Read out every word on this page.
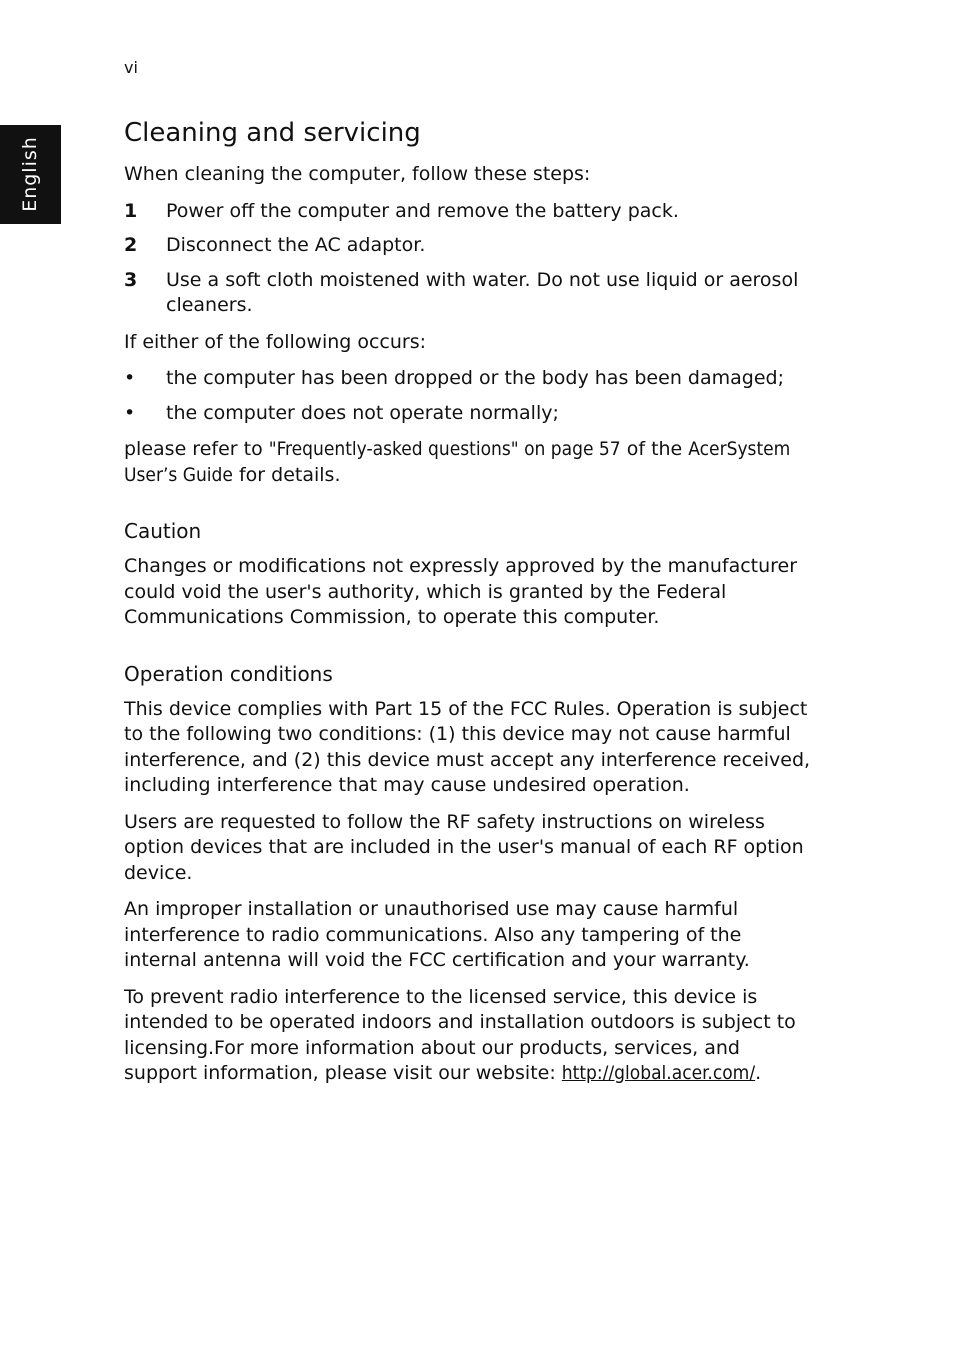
vi
English
Cleaning and servicing

When cleaning the computer, follow these steps:

1 Power off the computer and remove the battery pack.
2 Disconnect the AC adaptor.
3 Use a soft cloth moistened with water. Do not use liquid or aerosol cleaners.

If either of the following occurs:

• the computer has been dropped or the body has been damaged;
• the computer does not operate normally;

please refer to "Frequently-asked questions" on page 57 of the AcerSystem User’s Guide for details.

Caution

Changes or modifications not expressly approved by the manufacturer could void the user's authority, which is granted by the Federal Communications Commission, to operate this computer.

Operation conditions

This device complies with Part 15 of the FCC Rules. Operation is subject to the following two conditions: (1) this device may not cause harmful interference, and (2) this device must accept any interference received, including interference that may cause undesired operation.

Users are requested to follow the RF safety instructions on wireless option devices that are included in the user's manual of each RF option device.

An improper installation or unauthorised use may cause harmful interference to radio communications. Also any tampering of the internal antenna will void the FCC certification and your warranty.

To prevent radio interference to the licensed service, this device is intended to be operated indoors and installation outdoors is subject to licensing.For more information about our products, services, and support information, please visit our website: http://global.acer.com/.
